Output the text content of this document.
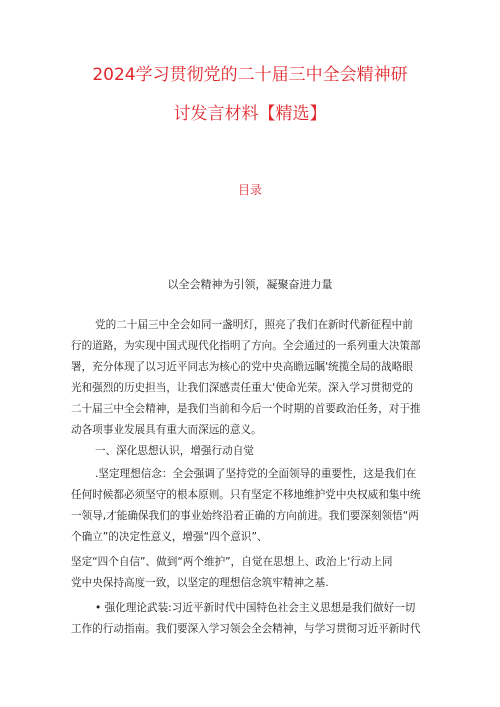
2024学习贯彻党的二十届三中全会精神研
讨发言材料【精选】
目录
以全会精神为引领，凝聚奋进力量
党的二十届三中全会如同一盏明灯，照亮了我们在新时代新征程中前
行的道路，为实现中国式现代化指明了方向。全会通过的一系列重大决策部
署，充分体现了以习近平同志为核心的党中央高瞻远瞩'统揽全局的战略眼
光和强烈的历史担当，让我们深感责任重大'使命光荣。深入学习贯彻党的
二十届三中全会精神，是我们当前和今后一个时期的首要政治任务，对于推
动各项事业发展具有重大而深远的意义。
一、深化思想认识，增强行动自觉
.坚定理想信念：全会强调了坚持党的全面领导的重要性，这是我们在
任何时候都必须坚守的根本原则。只有坚定不移地维护党中央权威和集中统
一领导,才能确保我们的事业始终沿着正确的方向前进。我们要深刻领悟“两
个确立”的决定性意义，增强“四个意识”、
坚定“四个自信”、做到“两个维护”，自觉在思想上、政治上'行动上同
党中央保持高度一致，以坚定的理想信念筑牢精神之基.
• 强化理论武装:习近平新时代中国特色社会主义思想是我们做好一切
工作的行动指南。我们要深入学习领会全会精神，与学习贯彻习近平新时代
